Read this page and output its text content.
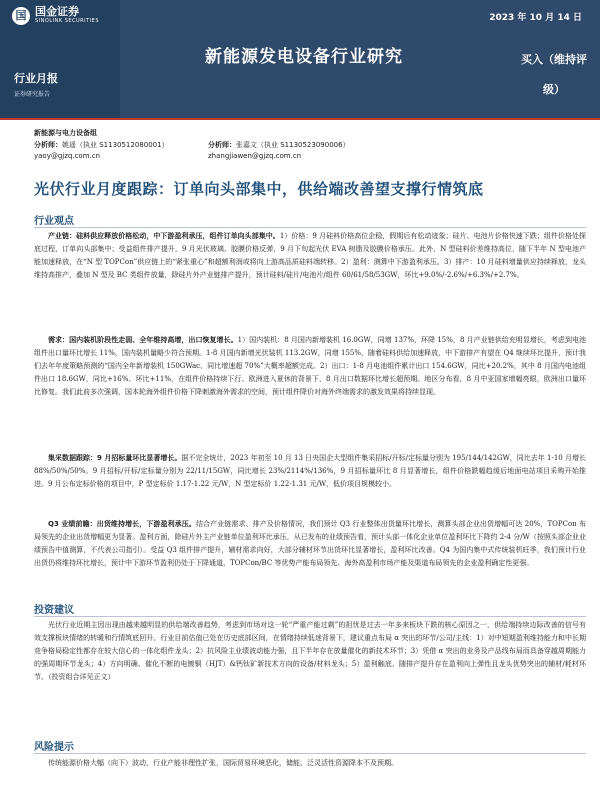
国 国金证券
SINOLINK SECURITIES	2023 年 10 月 14 日
新能源发电设备行业研究	买入（维持评
级）
行业月报
证券研究报告
新能源与电力设备组
分析师：姚遥（执业 S1130512080001）
yaoy@gjzq.com.cn
分析师：张嘉文（执业 S1130523090006）
zhangjiawen@gjzq.com.cn
光伏行业月度跟踪：订单向头部集中，供给端改善望支撑行情筑底
行业观点
产业链：硅料供应释放价格松动，中下游盈利承压，组件订单向头部集中。1）价格：9 月硅料价格高位企稳，假期后有松动迹象；硅片、电池片价格快速下跌；组件价格处探底过程，订单向头部集中；受益组件排产提升，9 月光伏玻璃、胶膜价格反弹，9 月下旬起光伏 EVA 树脂及胶膜价格承压。此外，N 型硅料价差维持高位，随下半年 N 型电池产能加速释放，在“N 型 TOPCon”供应链上的“紧张重心”和超额利润或将向上游高品质硅料端转移。2）盈利：测算中下游盈利承压。3）排产：10 月硅料增量供应持续释放，龙头维持高排产，叠加 N 型及 BC 类组件放量，除硅片外产业链排产提升，预计硅料/硅片/电池片/组件 60/61/58/53GW，环比+9.0%/-2.6%/+6.3%/+2.7%。
需求：国内装机阶段性走弱、全年维持高增，出口恢复增长。1）国内装机：8 月国内新增装机 16.0GW，同增 137%，环降 15%，8 月产业链供给充明显增长，考虑到电池组件出口量环比增长 11%，国内装机量略少符合预期。1-8 月国内新增光伏装机 113.2GW，同增 155%，随着硅料供给加速释放，中下游排产有望在 Q4 继续环比提升，预计我们去年年度策略预测的“国内全年新增装机 150GWac、同比增速超 70%”大概率超额完成。2）出口：1-8 月电池组件累计出口 154.6GW，同比+20.2%，其中 8 月国内电池组件出口 18.6GW，同比+16%、环比+11%，在组件价格持续下行、欧洲进入夏休的背景下，8 月出口数据环比增长超预期。地区分布看，8 月中亚国家增幅亮眼，欧洲出口量环比修复。我们此前多次强调，国本轮海外组件价格下降刺激海外需求的空间，预计组件降价对海外终端需求的激发效果将持续显现。
集采数据跟踪：9 月招标量环比显著增长。据不完全统计，2023 年初至 10 月 13 日央国企大型组件集采招标/开标/定标量分别为 195/144/142GW，同比去年 1-10 月增长 88%/50%/50%。9 月招标/开标/定标量分别为 22/11/15GW，同比增长 23%/2114%/136%，9 月招标量环比 8 月显著增长，组件价格跌幅趋缓后地面电站项目采购开始推进。9 月公布定标价格的项目中，P 型定标价 1.17-1.22 元/W，N 型定标价 1.22-1.31 元/W，低价项目规模较小。
Q3 业绩前瞻：出货维持增长，下游盈利承压。结合产业链需求、排产及价格情况，我们预计 Q3 行业整体出货量环比增长，测算头部企业出货增幅可达 20%，TOPCon 布局领先的企业出货增幅更为显著。盈利方面，除硅片外主产业链单位盈利环比承压，从已发布的业绩预告看，预计头部一体化企业单位盈利环比下降约 2-4 分/W（按照头部企业业绩预告中值测算，不代表公司指引）。受益 Q3 组件排产提升，辅材需求向好，大部分辅材环节出货环比显著增长，盈利环比改善。Q4 为国内集中式传统装机旺季，我们预计行业出货仍将维持环比增长，预计中下游环节盈利仍处于下降通道，TOPCon/BC 等优势产能布局领先、海外高盈利市场产能及渠道布局领先的企业盈利确定性更强。
投资建议
光伏行业近期主因出现由越来越明显的供给端改善趋势，考虑到市场对这一轮“严重产能过剩”的担忧是过去一年多来板块下跌的核心原因之一，供给端持续边际改善的信号有效支撑板块情绪的转暖和行情筑底回升。行业目前估值已处在历史底部区间，在情绪持续低迷背景下，建议重点布局 α 突出的环节/公司/主线：1）对中短期盈利维持能力和中长期竞争格局稳定性都存在较大信心的一体化组件龙头；2）抗风险主业绩波动能力强，且下半年存在放量催化的新技术环节；3）凭借 α 突出的业务及产品线布局而具备穿越周期能力的强周期环节龙头；4）方向明确、催化不断的电镀铜（HJT）&钙钛矿新技术方向的设备/材料龙头；5）盈利触底、随排产提升存在盈利向上弹性且龙头优势突出的辅材/耗材环节。（投资组合详见正文）
风险提示
传统能源价格大幅（向下）波动，行业产能非理性扩张，国际贸易环境恶化，储能、泛灵活性资源降本不及预期。
